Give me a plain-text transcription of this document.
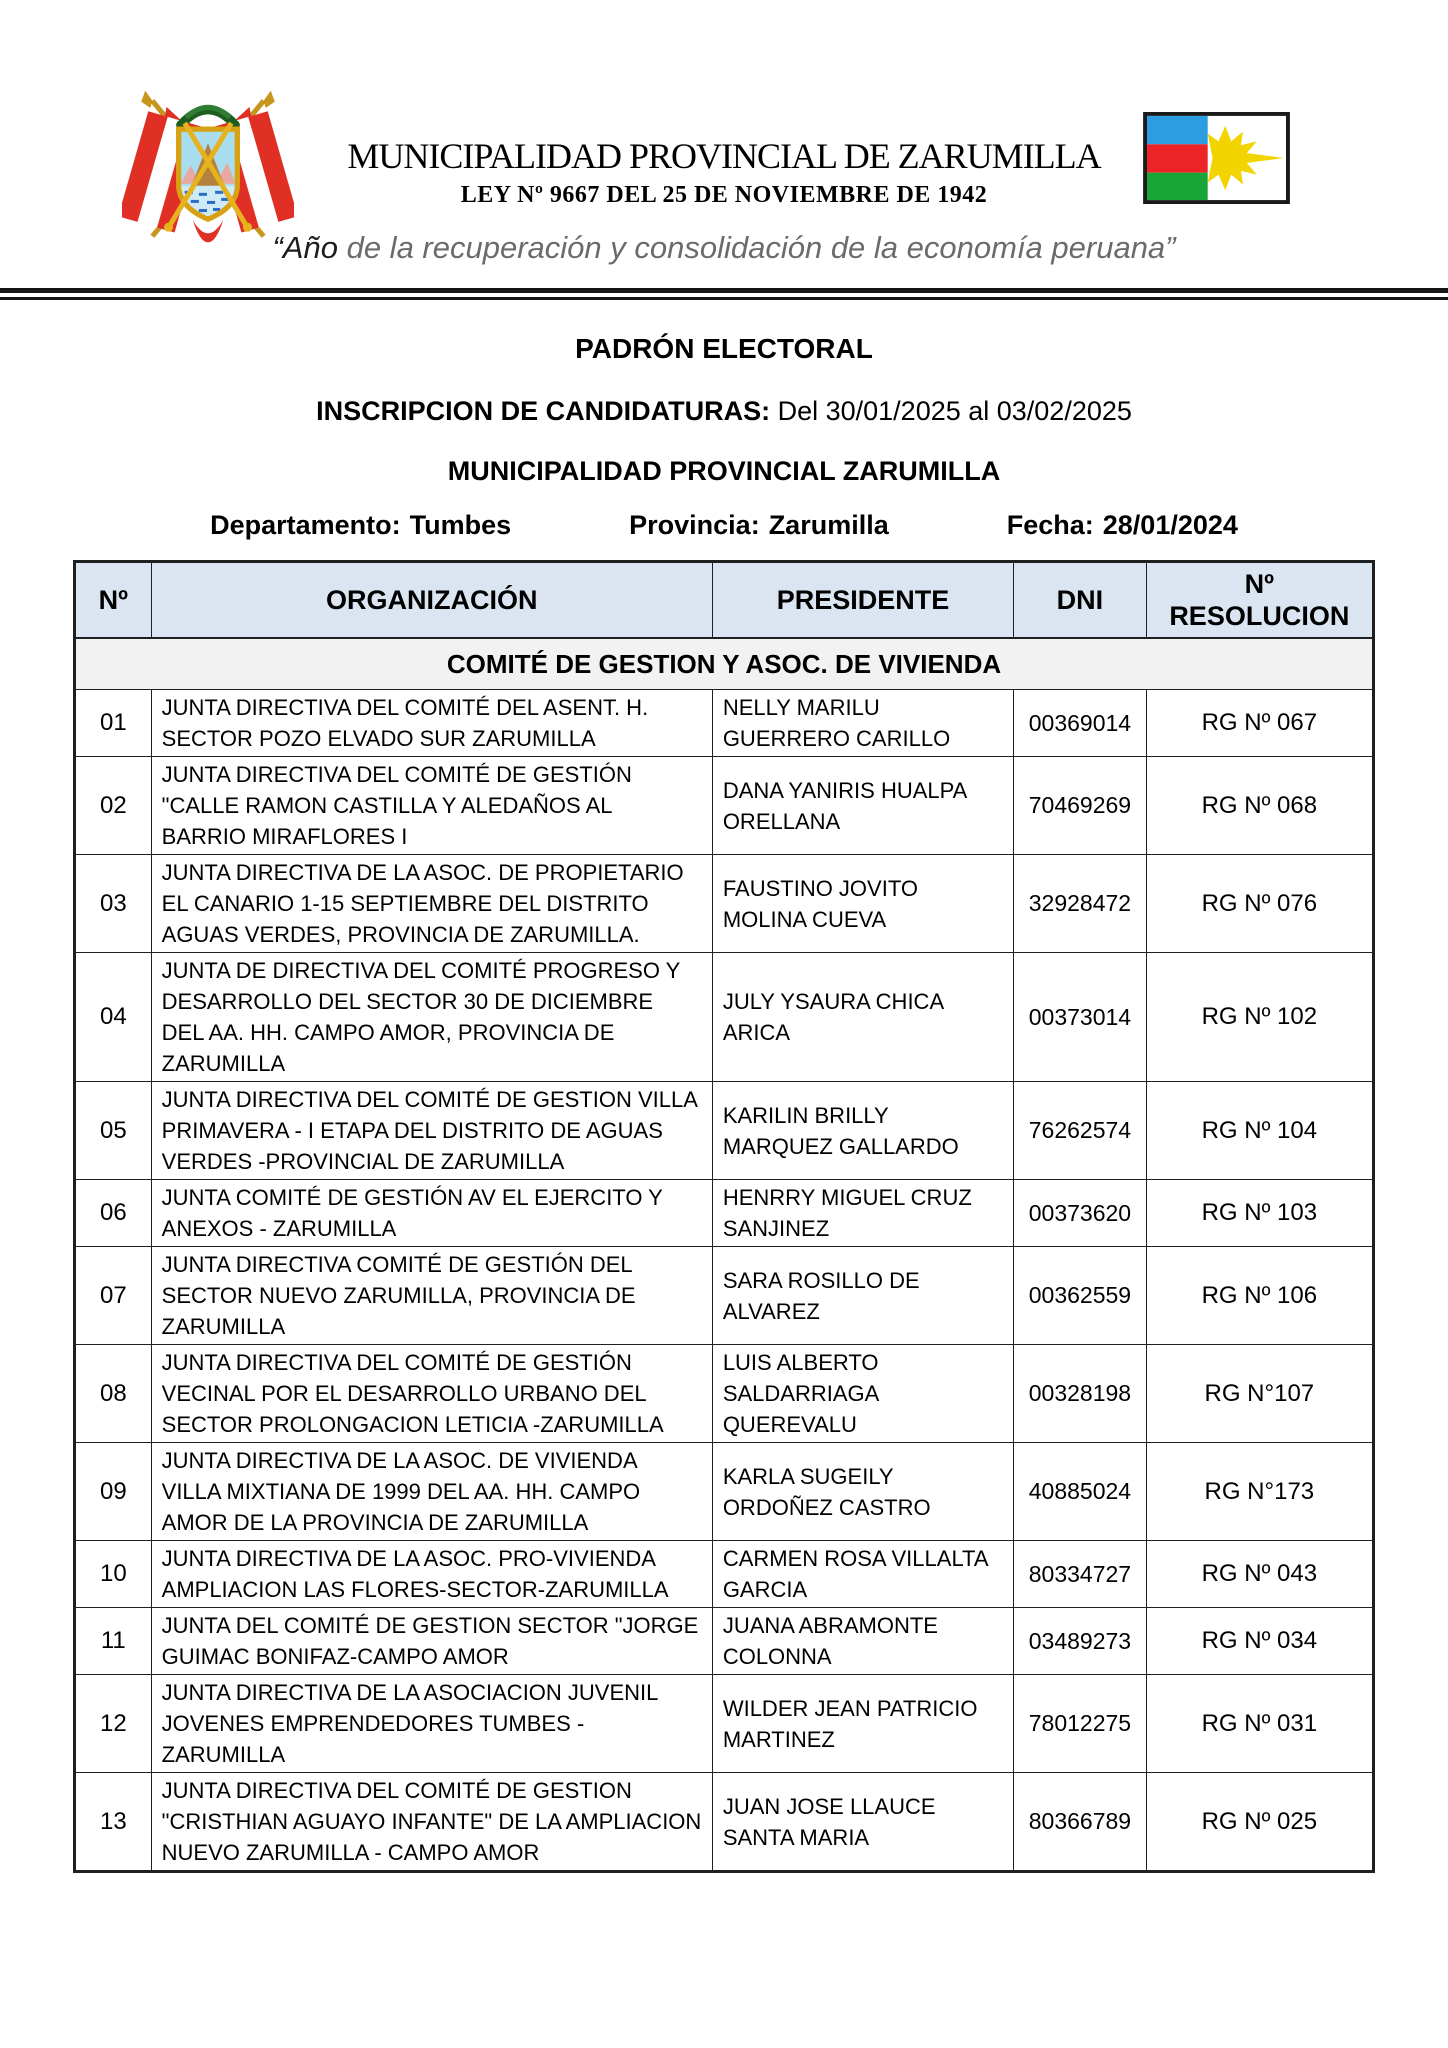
MUNICIPALIDAD PROVINCIAL DE ZARUMILLA
LEY Nº 9667 DEL 25 DE NOVIEMBRE DE 1942
“Año de la recuperación y consolidación de la economía peruana”
PADRÓN ELECTORAL

INSCRIPCION DE CANDIDATURAS: Del 30/01/2025 al 03/02/2025

MUNICIPALIDAD PROVINCIAL ZARUMILLA
Departamento: Tumbes	Provincia: Zarumilla	Fecha: 28/01/2024
Nº	ORGANIZACIÓN	PRESIDENTE	DNI	Nº RESOLUCION
COMITÉ DE GESTION Y ASOC. DE VIVIENDA				
01	JUNTA DIRECTIVA DEL COMITÉ DEL ASENT. H. SECTOR POZO ELVADO SUR ZARUMILLA	NELLY MARILU GUERRERO CARILLO	00369014	RG Nº 067
02	JUNTA DIRECTIVA DEL COMITÉ DE GESTIÓN "CALLE RAMON CASTILLA Y ALEDAÑOS AL BARRIO MIRAFLORES I	DANA YANIRIS HUALPA ORELLANA	70469269	RG Nº 068
03	JUNTA DIRECTIVA DE LA ASOC. DE PROPIETARIO EL CANARIO 1-15 SEPTIEMBRE DEL DISTRITO AGUAS VERDES, PROVINCIA DE ZARUMILLA.	FAUSTINO JOVITO MOLINA CUEVA	32928472	RG Nº 076
04	JUNTA DE DIRECTIVA DEL COMITÉ PROGRESO Y DESARROLLO DEL SECTOR 30 DE DICIEMBRE DEL AA. HH. CAMPO AMOR, PROVINCIA DE ZARUMILLA	JULY YSAURA CHICA ARICA	00373014	RG Nº 102
05	JUNTA DIRECTIVA DEL COMITÉ DE GESTION VILLA PRIMAVERA - I ETAPA DEL DISTRITO DE AGUAS VERDES -PROVINCIAL DE ZARUMILLA	KARILIN BRILLY MARQUEZ GALLARDO	76262574	RG Nº 104
06	JUNTA COMITÉ DE GESTIÓN AV EL EJERCITO Y ANEXOS - ZARUMILLA	HENRRY MIGUEL CRUZ SANJINEZ	00373620	RG Nº 103
07	JUNTA DIRECTIVA COMITÉ DE GESTIÓN DEL SECTOR NUEVO ZARUMILLA, PROVINCIA DE ZARUMILLA	SARA ROSILLO DE ALVAREZ	00362559	RG Nº 106
08	JUNTA DIRECTIVA DEL COMITÉ DE GESTIÓN VECINAL POR EL DESARROLLO URBANO DEL SECTOR PROLONGACION LETICIA -ZARUMILLA	LUIS ALBERTO SALDARRIAGA QUEREVALU	00328198	RG N°107
09	JUNTA DIRECTIVA DE LA ASOC. DE VIVIENDA VILLA MIXTIANA DE 1999 DEL AA. HH. CAMPO AMOR DE LA PROVINCIA DE ZARUMILLA	KARLA SUGEILY ORDOÑEZ CASTRO	40885024	RG N°173
10	JUNTA DIRECTIVA DE LA ASOC. PRO-VIVIENDA AMPLIACION LAS FLORES-SECTOR-ZARUMILLA	CARMEN ROSA VILLALTA GARCIA	80334727	RG Nº 043
11	JUNTA DEL COMITÉ DE GESTION SECTOR "JORGE GUIMAC BONIFAZ-CAMPO AMOR	JUANA ABRAMONTE COLONNA	03489273	RG Nº 034
12	JUNTA DIRECTIVA DE LA ASOCIACION JUVENIL JOVENES EMPRENDEDORES TUMBES - ZARUMILLA	WILDER JEAN PATRICIO MARTINEZ	78012275	RG Nº 031
13	JUNTA DIRECTIVA DEL COMITÉ DE GESTION "CRISTHIAN AGUAYO INFANTE" DE LA AMPLIACION NUEVO ZARUMILLA - CAMPO AMOR	JUAN JOSE LLAUCE SANTA MARIA	80366789	RG Nº 025
